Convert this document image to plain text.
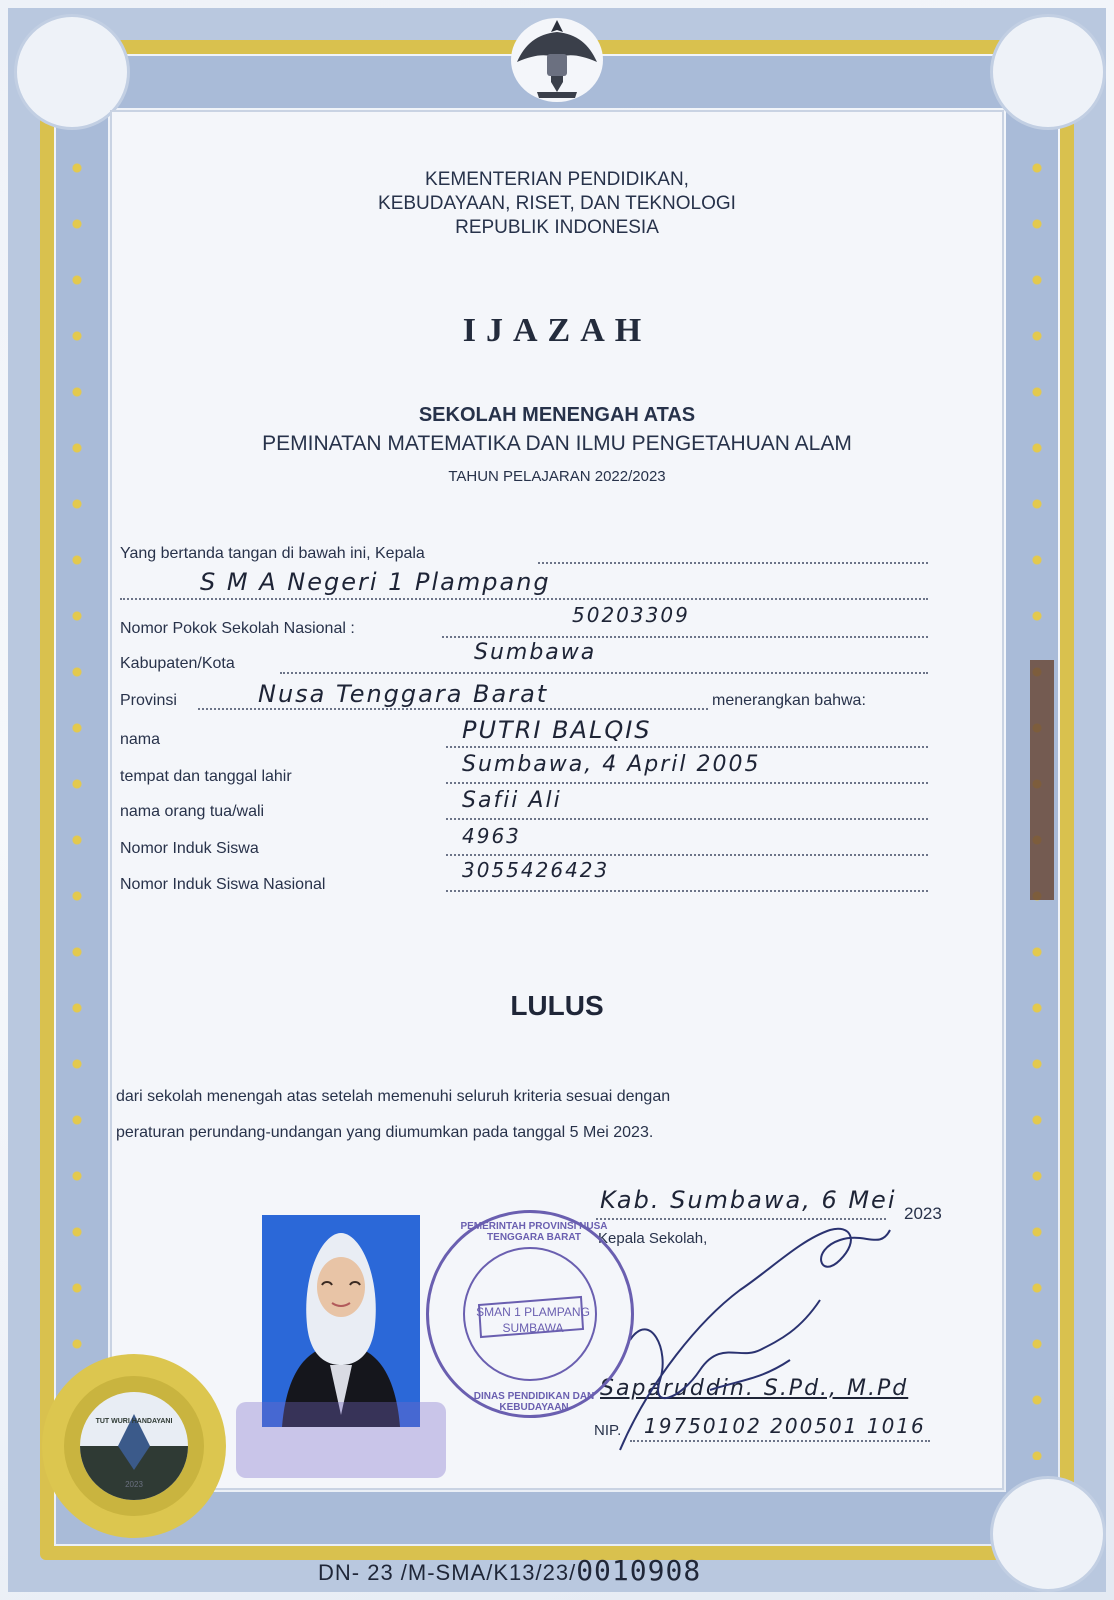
KEMENTERIAN PENDIDIKAN,
KEBUDAYAAN, RISET, DAN TEKNOLOGI
REPUBLIK INDONESIA
IJAZAH
SEKOLAH MENENGAH ATAS
PEMINATAN MATEMATIKA DAN ILMU PENGETAHUAN ALAM
TAHUN PELAJARAN 2022/2023
Yang bertanda tangan di bawah ini, Kepala
S M A Negeri 1 Plampang
50203309
Nomor Pokok Sekolah Nasional :
Sumbawa
Kabupaten/Kota
Nusa Tenggara Barat
Provinsi	menerangkan bahwa:
PUTRI BALQIS
nama
Sumbawa, 4 April 2005
tempat dan tanggal lahir
Safii Ali
nama orang tua/wali
4963
Nomor Induk Siswa
3055426423
Nomor Induk Siswa Nasional
LULUS
dari sekolah menengah atas setelah memenuhi seluruh kriteria sesuai dengan
peraturan perundang-undangan yang diumumkan pada tanggal 5 Mei 2023.
Kab. Sumbawa, 6 Mei 2023
Kepala Sekolah,
Saparuddin. S.Pd., M.Pd
NIP. 19750102 200501 1016
PEMERINTAH PROVINSI NUSA TENGGARA BARAT
DINAS PENDIDIKAN DAN KEBUDAYAAN
SMAN 1 PLAMPANG
SUMBAWA
TUT WURI HANDAYANI
2023
DN- 23 /M-SMA/K13/23/0010908
